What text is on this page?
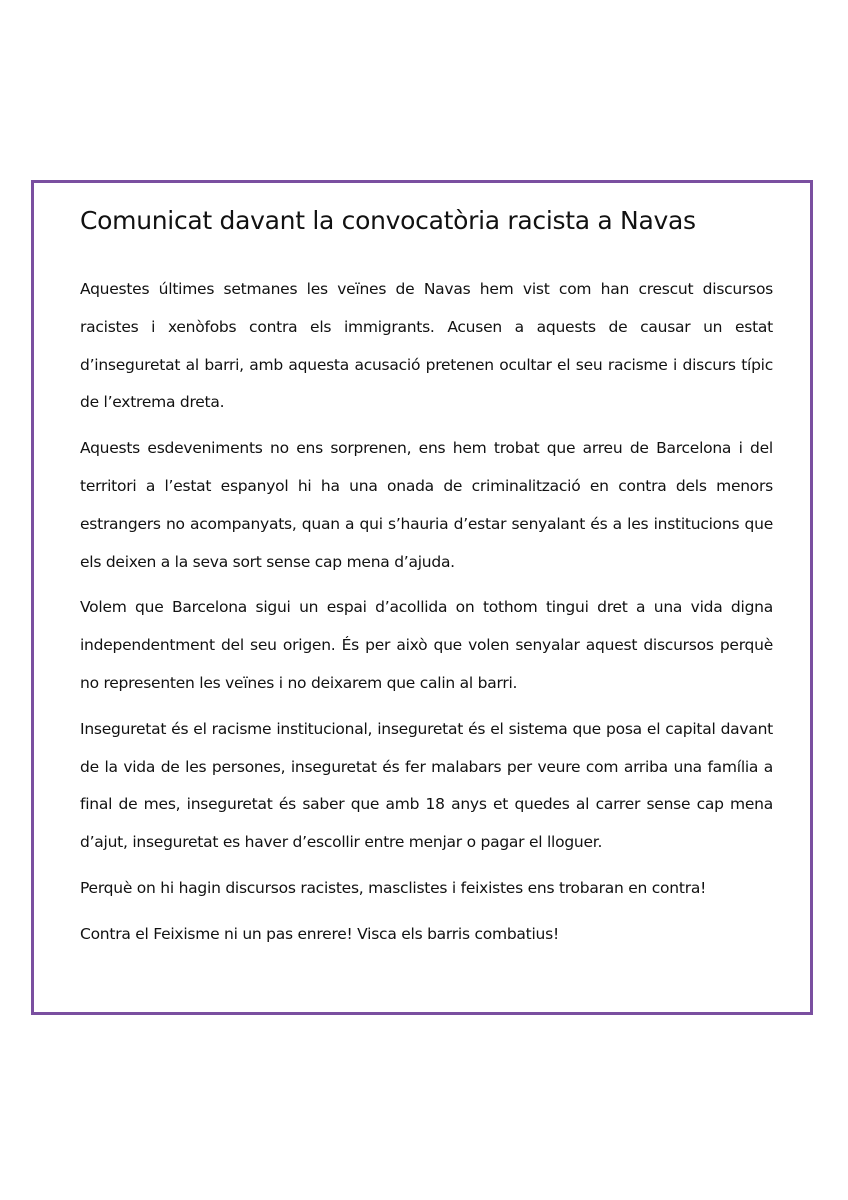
Comunicat davant la convocatòria racista a Navas

Aquestes últimes setmanes les veïnes de Navas hem vist com han crescut discursos racistes i xenòfobs contra els immigrants. Acusen a aquests de causar un estat d’inseguretat al barri, amb aquesta acusació pretenen ocultar el seu racisme i discurs típic de l’extrema dreta.

Aquests esdeveniments no ens sorprenen, ens hem trobat que arreu de Barcelona i del territori a l’estat espanyol hi ha una onada de criminalització en contra dels menors estrangers no acompanyats, quan a qui s’hauria d’estar senyalant és a les institucions que els deixen a la seva sort sense cap mena d’ajuda.

Volem que Barcelona sigui un espai d’acollida on tothom tingui dret a una vida digna independentment del seu origen. És per això que volen senyalar aquest discursos perquè no representen les veïnes i no deixarem que calin al barri.

Inseguretat és el racisme institucional, inseguretat és el sistema que posa el capital davant de la vida de les persones, inseguretat és fer malabars per veure com arriba una família a final de mes, inseguretat és saber que amb 18 anys et quedes al carrer sense cap mena d’ajut, inseguretat es haver d’escollir entre menjar o pagar el lloguer.

Perquè on hi hagin discursos racistes, masclistes i feixistes ens trobaran en contra!

Contra el Feixisme ni un pas enrere! Visca els barris combatius!
